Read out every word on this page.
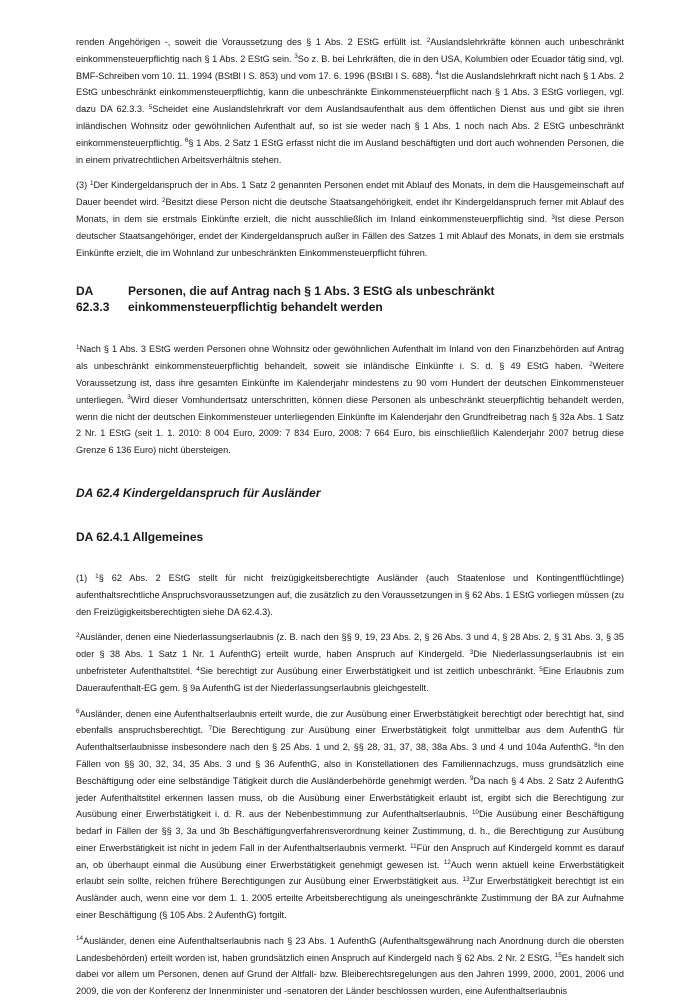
renden Angehörigen -, soweit die Voraussetzung des § 1 Abs. 2 EStG erfüllt ist. $^2$Auslandslehrkräfte können auch unbeschränkt einkommensteuerpflichtig nach § 1 Abs. 2 EStG sein. $^3$So z. B. bei Lehrkräften, die in den USA, Kolumbien oder Ecuador tätig sind, vgl. BMF-Schreiben vom 10. 11. 1994 (BStBl I S. 853) und vom 17. 6. 1996 (BStBl I S. 688). $^4$Ist die Auslandslehrkraft nicht nach § 1 Abs. 2 EStG unbeschränkt einkommensteuerpflichtig, kann die unbeschränkte Einkommensteuerpflicht nach § 1 Abs. 3 EStG vorliegen, vgl. dazu DA 62.3.3. $^5$Scheidet eine Auslandslehrkraft vor dem Auslandsaufenthalt aus dem öffentlichen Dienst aus und gibt sie ihren inländischen Wohnsitz oder gewöhnlichen Aufenthalt auf, so ist sie weder nach § 1 Abs. 1 noch nach Abs. 2 EStG unbeschränkt einkommensteuerpflichtig. $^6$§ 1 Abs. 2 Satz 1 EStG erfasst nicht die im Ausland beschäftigten und dort auch wohnenden Personen, die in einem privatrechtlichen Arbeitsverhältnis stehen.

(3) $^1$Der Kindergeldanspruch der in Abs. 1 Satz 2 genannten Personen endet mit Ablauf des Monats, in dem die Hausgemeinschaft auf Dauer beendet wird. $^2$Besitzt diese Person nicht die deutsche Staatsangehörigkeit, endet ihr Kindergeldanspruch ferner mit Ablauf des Monats, in dem sie erstmals Einkünfte erzielt, die nicht ausschließlich im Inland einkommensteuerpflichtig sind. $^3$Ist diese Person deutscher Staatsangehöriger, endet der Kindergeldanspruch außer in Fällen des Satzes 1 mit Ablauf des Monats, in dem sie erstmals Einkünfte erzielt, die im Wohnland zur unbeschränkten Einkommensteuerpflicht führen.

DA
62.3.3
Personen, die auf Antrag nach § 1 Abs. 3 EStG als unbeschränkt einkommensteuerpflichtig behandelt werden

$^1$Nach § 1 Abs. 3 EStG werden Personen ohne Wohnsitz oder gewöhnlichen Aufenthalt im Inland von den Finanzbehörden auf Antrag als unbeschränkt einkommensteuerpflichtig behandelt, soweit sie inländische Einkünfte i. S. d. § 49 EStG haben. $^2$Weitere Voraussetzung ist, dass ihre gesamten Einkünfte im Kalenderjahr mindestens zu 90 vom Hundert der deutschen Einkommensteuer unterliegen. $^3$Wird dieser Vomhundertsatz unterschritten, können diese Personen als unbeschränkt steuerpflichtig behandelt werden, wenn die nicht der deutschen Einkommensteuer unterliegenden Einkünfte im Kalenderjahr den Grundfreibetrag nach § 32a Abs. 1 Satz 2 Nr. 1 EStG (seit 1. 1. 2010: 8 004 Euro, 2009: 7 834 Euro, 2008: 7 664 Euro, bis einschließlich Kalenderjahr 2007 betrug diese Grenze 6 136 Euro) nicht übersteigen.

DA 62.4 Kindergeldanspruch für Ausländer

DA 62.4.1 Allgemeines

(1) $^1$§ 62 Abs. 2 EStG stellt für nicht freizügigkeitsberechtigte Ausländer (auch Staatenlose und Kontingentflüchtlinge) aufenthaltsrechtliche Anspruchsvoraussetzungen auf, die zusätzlich zu den Voraussetzungen in § 62 Abs. 1 EStG vorliegen müssen (zu den Freizügigkeitsberechtigten siehe DA 62.4.3).

$^2$Ausländer, denen eine Niederlassungserlaubnis (z. B. nach den §§ 9, 19, 23 Abs. 2, § 26 Abs. 3 und 4, § 28 Abs. 2, § 31 Abs. 3, § 35 oder § 38 Abs. 1 Satz 1 Nr. 1 AufenthG) erteilt wurde, haben Anspruch auf Kindergeld. $^3$Die Niederlassungserlaubnis ist ein unbefristeter Aufenthaltstitel. $^4$Sie berechtigt zur Ausübung einer Erwerbstätigkeit und ist zeitlich unbeschränkt. $^5$Eine Erlaubnis zum Daueraufenthalt-EG gem. § 9a AufenthG ist der Niederlassungserlaubnis gleichgestellt.

$^6$Ausländer, denen eine Aufenthaltserlaubnis erteilt wurde, die zur Ausübung einer Erwerbstätigkeit berechtigt oder berechtigt hat, sind ebenfalls anspruchsberechtigt. $^7$Die Berechtigung zur Ausübung einer Erwerbstätigkeit folgt unmittelbar aus dem AufenthG für Aufenthaltserlaubnisse insbesondere nach den § 25 Abs. 1 und 2, §§ 28, 31, 37, 38, 38a Abs. 3 und 4 und 104a AufenthG. $^8$In den Fällen von §§ 30, 32, 34, 35 Abs. 3 und § 36 AufenthG, also in Konstellationen des Familiennachzugs, muss grundsätzlich eine Beschäftigung oder eine selbständige Tätigkeit durch die Ausländerbehörde genehmigt werden. $^9$Da nach § 4 Abs. 2 Satz 2 AufenthG jeder Aufenthaltstitel erkennen lassen muss, ob die Ausübung einer Erwerbstätigkeit erlaubt ist, ergibt sich die Berechtigung zur Ausübung einer Erwerbstätigkeit i. d. R. aus der Nebenbestimmung zur Aufenthaltserlaubnis. $^{10}$Die Ausübung einer Beschäftigung bedarf in Fällen der §§ 3, 3a und 3b Beschäftigungverfahrensverordnung keiner Zustimmung, d. h., die Berechtigung zur Ausübung einer Erwerbstätigkeit ist nicht in jedem Fall in der Aufenthaltserlaubnis vermerkt. $^{11}$Für den Anspruch auf Kindergeld kommt es darauf an, ob überhaupt einmal die Ausübung einer Erwerbstätigkeit genehmigt gewesen ist. $^{12}$Auch wenn aktuell keine Erwerbstätigkeit erlaubt sein sollte, reichen frühere Berechtigungen zur Ausübung einer Erwerbstätigkeit aus. $^{13}$Zur Erwerbstätigkeit berechtigt ist ein Ausländer auch, wenn eine vor dem 1. 1. 2005 erteilte Arbeitsberechtigung als uneingeschränkte Zustimmung der BA zur Aufnahme einer Beschäftigung (§ 105 Abs. 2 AufenthG) fortgilt.

$^{14}$Ausländer, denen eine Aufenthaltserlaubnis nach § 23 Abs. 1 AufenthG (Aufenthaltsgewährung nach Anordnung durch die obersten Landesbehörden) erteilt worden ist, haben grundsätzlich einen Anspruch auf Kindergeld nach § 62 Abs. 2 Nr. 2 EStG. $^{15}$Es handelt sich dabei vor allem um Personen, denen auf Grund der Altfall- bzw. Bleiberechtsregelungen aus den Jahren 1999, 2000, 2001, 2006 und 2009, die von der Konferenz der Innenminister und -senatoren der Länder beschlossen wurden, eine Aufenthaltserlaubnis
